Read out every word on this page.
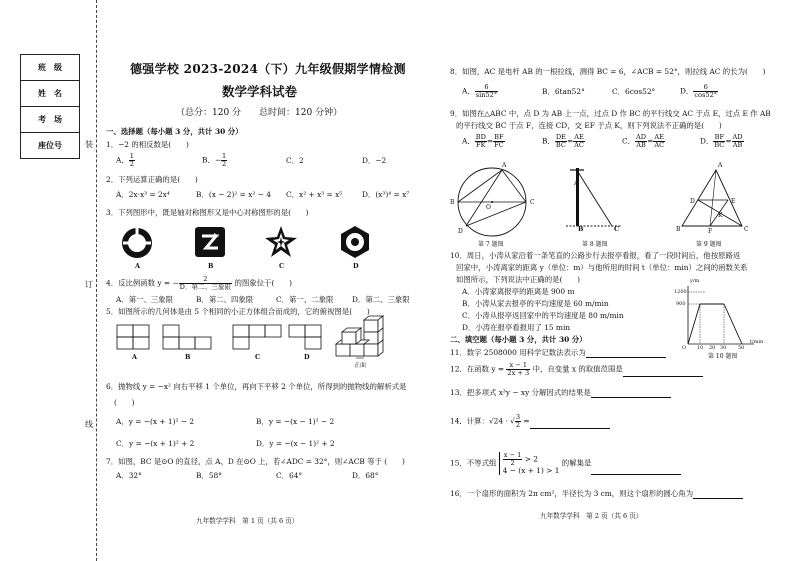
班　级
姓　名
考　场
座位号	装
订
线
德强学校 2023-2024（下）九年级假期学情检测
数学学科试卷
（总分：120 分　　总时间：120 分钟）
一、选择题（每小题 3 分，共计 30 分）
1．−2 的相反数是(　　)
A． $\frac{1}{2}$	B．− $\frac{1}{2}$	C．2	D．−2
2．下列运算正确的是(　　)
A．2x·x³ = 2x⁴	B．(x − 2)² = x² − 4 C．x² + x³ = x⁵	D．(x³)⁴ = x⁷
3．下列图形中，既是轴对称图形又是中心对称图形的是(　　)
A	B	C	D
4．反比例函数 y = − $\frac{2}{\text{D．第二、三象限}}$ 的图象位于(　　)
A．第一、三象限	B．第二、四象限	C．第一、二象限	D．第二、三象限
5．如图所示的几何体是由 5 个相同的小正方体组合而成的，它的俯视图是(　　)
A	B	C	D
正面
6．抛物线 y = −x² 向右平移 1 个单位，再向下平移 2 个单位，所得到的抛物线的解析式是
(　　)
A．y = −(x + 1)² − 2	B．y = −(x − 1)² − 2
C．y = −(x + 1)² + 2	D．y = −(x − 1)² + 2
7．如图，BC 是⊙O 的直径，点 A、D 在⊙O 上，若∠ADC = 32°，则∠ACB 等于 (　　)
A．32°	B．58°	C．64°	D．68°
九年数学学科　第 1 页（共 6 页）
8．如图，AC 是电杆 AB 的一根拉线，测得 BC = 6，∠ACB = 52°，则拉线 AC 的长为(　　)
A． $\frac{6}{\sin 52^\circ}$	B．6tan52°	C．6cos52°	D． $\frac{6}{\cos 52^\circ}$
9．如图在△ABC 中，点 D 为 AB 上一点，过点 D 作 BC 的平行线交 AC 于点 E，过点 E 作 AB
的平行线交 BC 于点 F，连接 CD，交 EF 于点 K，则下列说法不正确的是(　　)
A． $\frac{BD}{FK} = \frac{BF}{FC}$	B． $\frac{DE}{BC} = \frac{AE}{AC}$	C． $\frac{AD}{AB} = \frac{AE}{AC}$	D． $\frac{BF}{BC} = \frac{AD}{AB}$
A
B	C
D
O
第 7 题图
A
B	C
第 8 题图
A
D	E
K
B	F	C
第 9 题图
10．周日，小涛从家沿着一条笔直的公路步行去报亭看报，看了一段时间后，他按原路返
回家中，小涛离家的距离 y（单位：m）与他所用的时间 t（单位：min）之间的函数关系
如图所示，下列说法中正确的是(　　)
A．小涛家离报亭的距离是 900 m
B．小涛从家去报亭的平均速度是 60 m/min
C．小涛从报亭返回家中的平均速度是 80 m/min
D．小涛在报亭看报用了 15 min
y/m
1200
900
O 10 20 30 50
t/min
第 10 题图
二、填空题（每小题 3 分，共计 30 分）
11．数字 2508000 用科学记数法表示为
12．在函数 $y = \frac{x - 1}{2x + 3}$ 中，自变量 x 的取值范围是
13．把多项式 x³y − xy 分解因式的结果是
14．计算：√24 · √ $\frac{3}{2}$ =
15．不等式组 $\frac{x - 1}{2} > 2$
4 − (x + 1) > 1
的解集是
16．一个扇形的面积为 2π cm²，半径长为 3 cm，则这个扇形的圆心角为
九年数学学科　第 2 页（共 6 页）
